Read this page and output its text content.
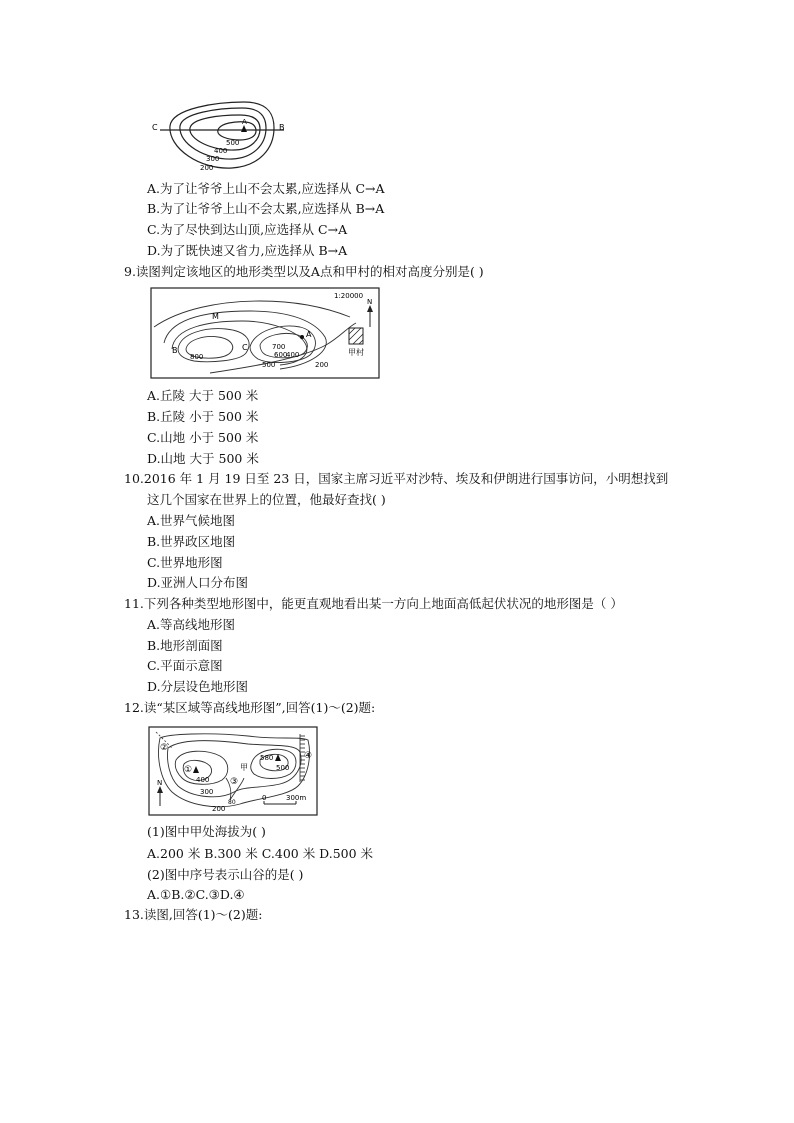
C	B
A
500
400
300
200
A.为了让爷爷上山不会太累,应选择从 C→A
B.为了让爷爷上山不会太累,应选择从 B→A
C.为了尽快到达山顶,应选择从 C→A
D.为了既快速又省力,应选择从 B→A
9.读图判定该地区的地形类型以及A点和甲村的相对高度分别是( )
1:20000
N
M
B	C
A
800
700
600
500
400
200
甲村
A.丘陵 大于 500 米
B.丘陵 小于 500 米
C.山地 小于 500 米
D.山地 大于 500 米
10.2016 年 1 月 19 日至 23 日，国家主席习近平对沙特、埃及和伊朗进行国事访问，小明想找到
这几个国家在世界上的位置，他最好查找( )
A.世界气候地图
B.世界政区地图
C.世界地形图
D.亚洲人口分布图
11.下列各种类型地形图中，能更直观地看出某一方向上地面高低起伏状况的地形图是（ ）
A.等高线地形图
B.地形剖面图
C.平面示意图
D.分层设色地形图
12.读“某区域等高线地形图”,回答(1)～(2)题:
②
①
③
④
580
甲	500
400
300
200
80
N
0	300m
(1)图中甲处海拔为( )
A.200 米 B.300 米 C.400 米 D.500 米
(2)图中序号表示山谷的是( )
A.①B.②C.③D.④
13.读图,回答(1)～(2)题:
